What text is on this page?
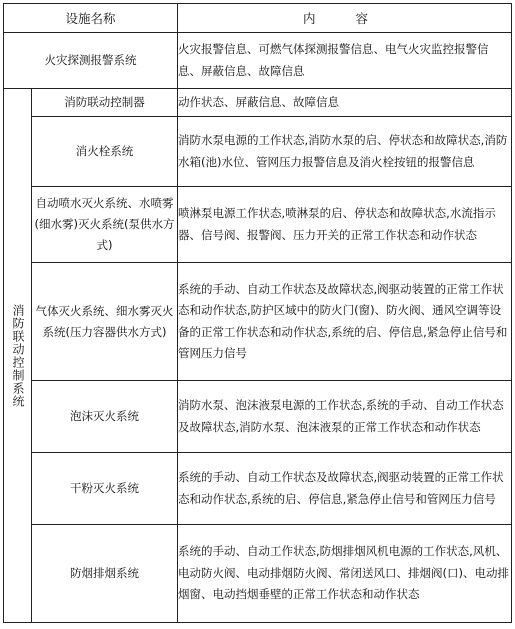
设施名称		内 容
火灾探测报警系统		火灾报警信息、可燃气体探测报警信息、电气火灾监控报警信息、屏蔽信息、故障信息
消防联动控制系统	消防联动控制器	动作状态、屏蔽信息、故障信息
	消火栓系统	消防水泵电源的工作状态,消防水泵的启、停状态和故障状态,消防水箱(池)水位、管网压力报警信息及消火栓按钮的报警信息
	自动喷水灭火系统、水喷雾(细水雾)灭火系统(泵供水方式)	喷淋泵电源工作状态,喷淋泵的启、停状态和故障状态,水流指示器、信号阀、报警阀、压力开关的正常工作状态和动作状态
	气体灭火系统、细水雾灭火系统(压力容器供水方式)	系统的手动、自动工作状态及故障状态,阀驱动装置的正常工作状态和动作状态,防护区域中的防火门(窗)、防火阀、通风空调等设备的正常工作状态和动作状态,系统的启、停信息,紧急停止信号和管网压力信号
	泡沫灭火系统	消防水泵、泡沫液泵电源的工作状态,系统的手动、自动工作状态及故障状态,消防水泵、泡沫液泵的正常工作状态和动作状态
	干粉灭火系统	系统的手动、自动工作状态及故障状态,阀驱动装置的正常工作状态和动作状态,系统的启、停信息,紧急停止信号和管网压力信号
	防烟排烟系统	系统的手动、自动工作状态,防烟排烟风机电源的工作状态,风机、电动防火阀、电动排烟防火阀、常闭送风口、排烟阀(口)、电动排烟窗、电动挡烟垂壁的正常工作状态和动作状态
